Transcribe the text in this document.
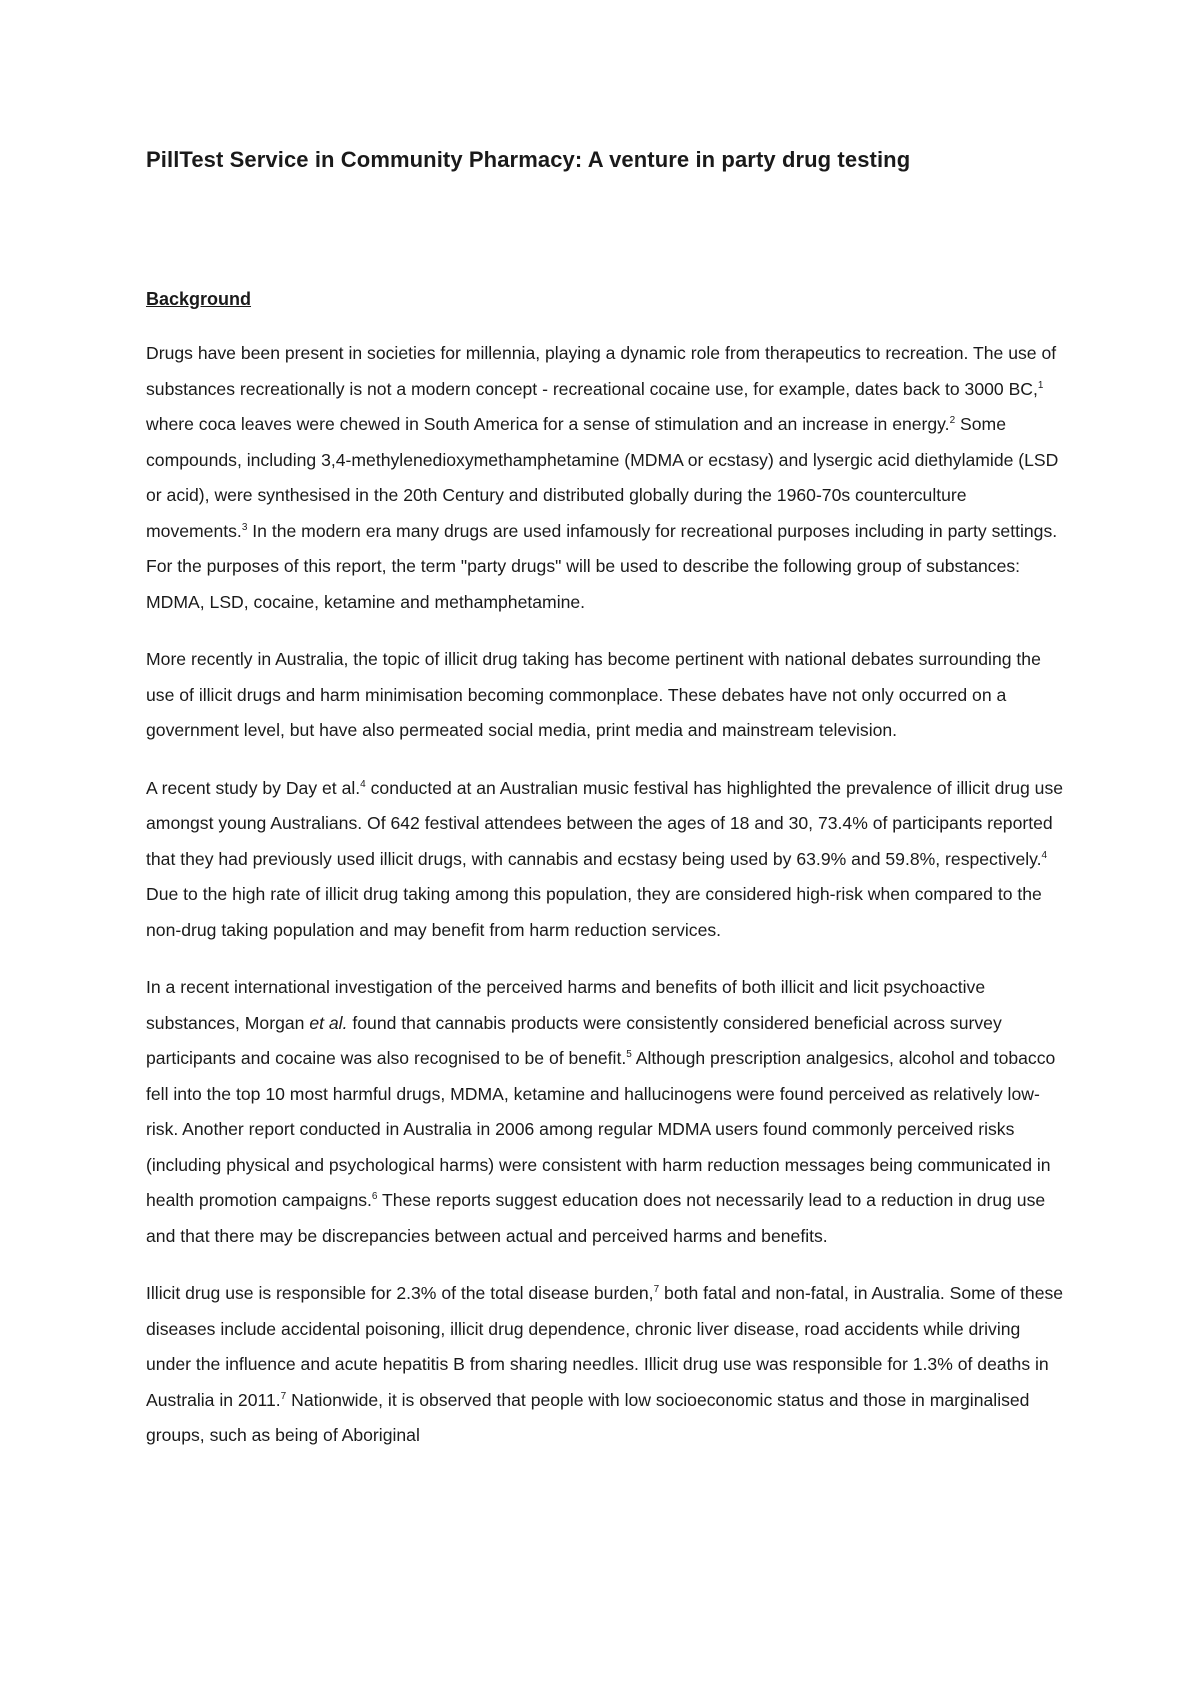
PillTest Service in Community Pharmacy: A venture in party drug testing
Background

Drugs have been present in societies for millennia, playing a dynamic role from therapeutics to recreation. The use of substances recreationally is not a modern concept - recreational cocaine use, for example, dates back to 3000 BC,$^1$ where coca leaves were chewed in South America for a sense of stimulation and an increase in energy.$^2$ Some compounds, including 3,4-methylenedioxymethamphetamine (MDMA or ecstasy) and lysergic acid diethylamide (LSD or acid), were synthesised in the 20th Century and distributed globally during the 1960-70s counterculture movements.$^3$ In the modern era many drugs are used infamously for recreational purposes including in party settings. For the purposes of this report, the term "party drugs" will be used to describe the following group of substances: MDMA, LSD, cocaine, ketamine and methamphetamine.

More recently in Australia, the topic of illicit drug taking has become pertinent with national debates surrounding the use of illicit drugs and harm minimisation becoming commonplace. These debates have not only occurred on a government level, but have also permeated social media, print media and mainstream television.

A recent study by Day et al.$^4$ conducted at an Australian music festival has highlighted the prevalence of illicit drug use amongst young Australians. Of 642 festival attendees between the ages of 18 and 30, 73.4% of participants reported that they had previously used illicit drugs, with cannabis and ecstasy being used by 63.9% and 59.8%, respectively.$^4$ Due to the high rate of illicit drug taking among this population, they are considered high-risk when compared to the non-drug taking population and may benefit from harm reduction services.

In a recent international investigation of the perceived harms and benefits of both illicit and licit psychoactive substances, Morgan et al. found that cannabis products were consistently considered beneficial across survey participants and cocaine was also recognised to be of benefit.$^5$ Although prescription analgesics, alcohol and tobacco fell into the top 10 most harmful drugs, MDMA, ketamine and hallucinogens were found perceived as relatively low-risk. Another report conducted in Australia in 2006 among regular MDMA users found commonly perceived risks (including physical and psychological harms) were consistent with harm reduction messages being communicated in health promotion campaigns.$^6$ These reports suggest education does not necessarily lead to a reduction in drug use and that there may be discrepancies between actual and perceived harms and benefits.

Illicit drug use is responsible for 2.3% of the total disease burden,$^7$ both fatal and non-fatal, in Australia. Some of these diseases include accidental poisoning, illicit drug dependence, chronic liver disease, road accidents while driving under the influence and acute hepatitis B from sharing needles. Illicit drug use was responsible for 1.3% of deaths in Australia in 2011.$^7$ Nationwide, it is observed that people with low socioeconomic status and those in marginalised groups, such as being of Aboriginal
